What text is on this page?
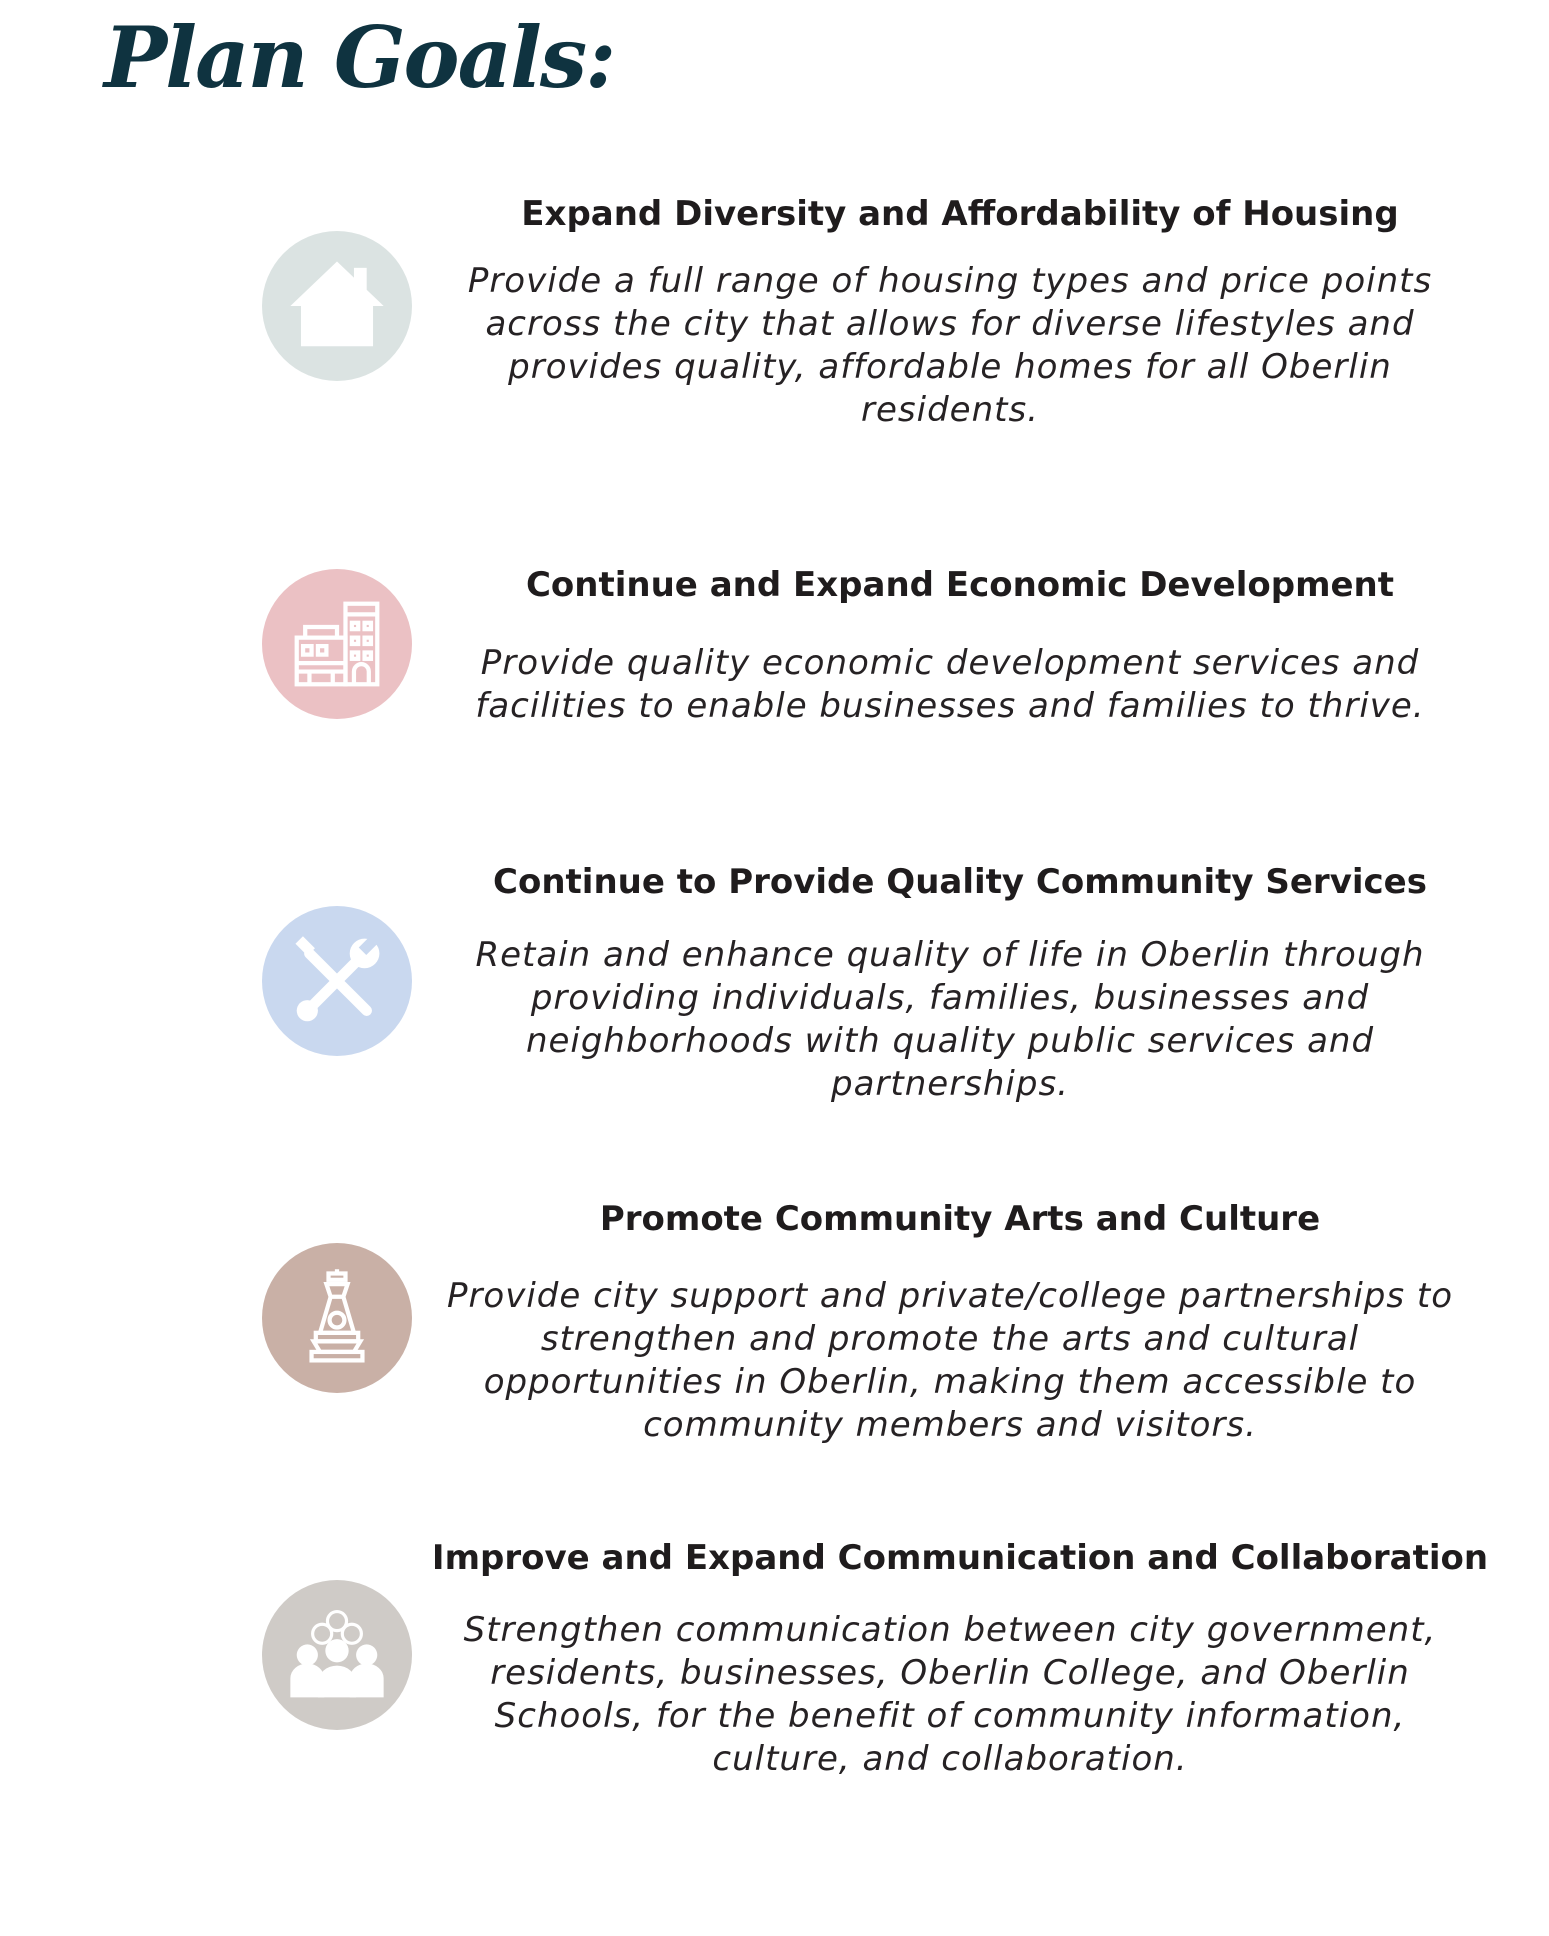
Plan Goals:
Expand Diversity and Affordability of Housing

Provide a full range of housing types and price points across the city that allows for diverse lifestyles and provides quality, affordable homes for all Oberlin residents.

Continue and Expand Economic Development

Provide quality economic development services and facilities to enable businesses and families to thrive.

Continue to Provide Quality Community Services

Retain and enhance quality of life in Oberlin through providing individuals, families, businesses and neighborhoods with quality public services and partnerships.

Promote Community Arts and Culture

Provide city support and private/college partnerships to strengthen and promote the arts and cultural opportunities in Oberlin, making them accessible to community members and visitors.

Improve and Expand Communication and Collaboration

Strengthen communication between city government, residents, businesses, Oberlin College, and Oberlin Schools, for the benefit of community information, culture, and collaboration.
